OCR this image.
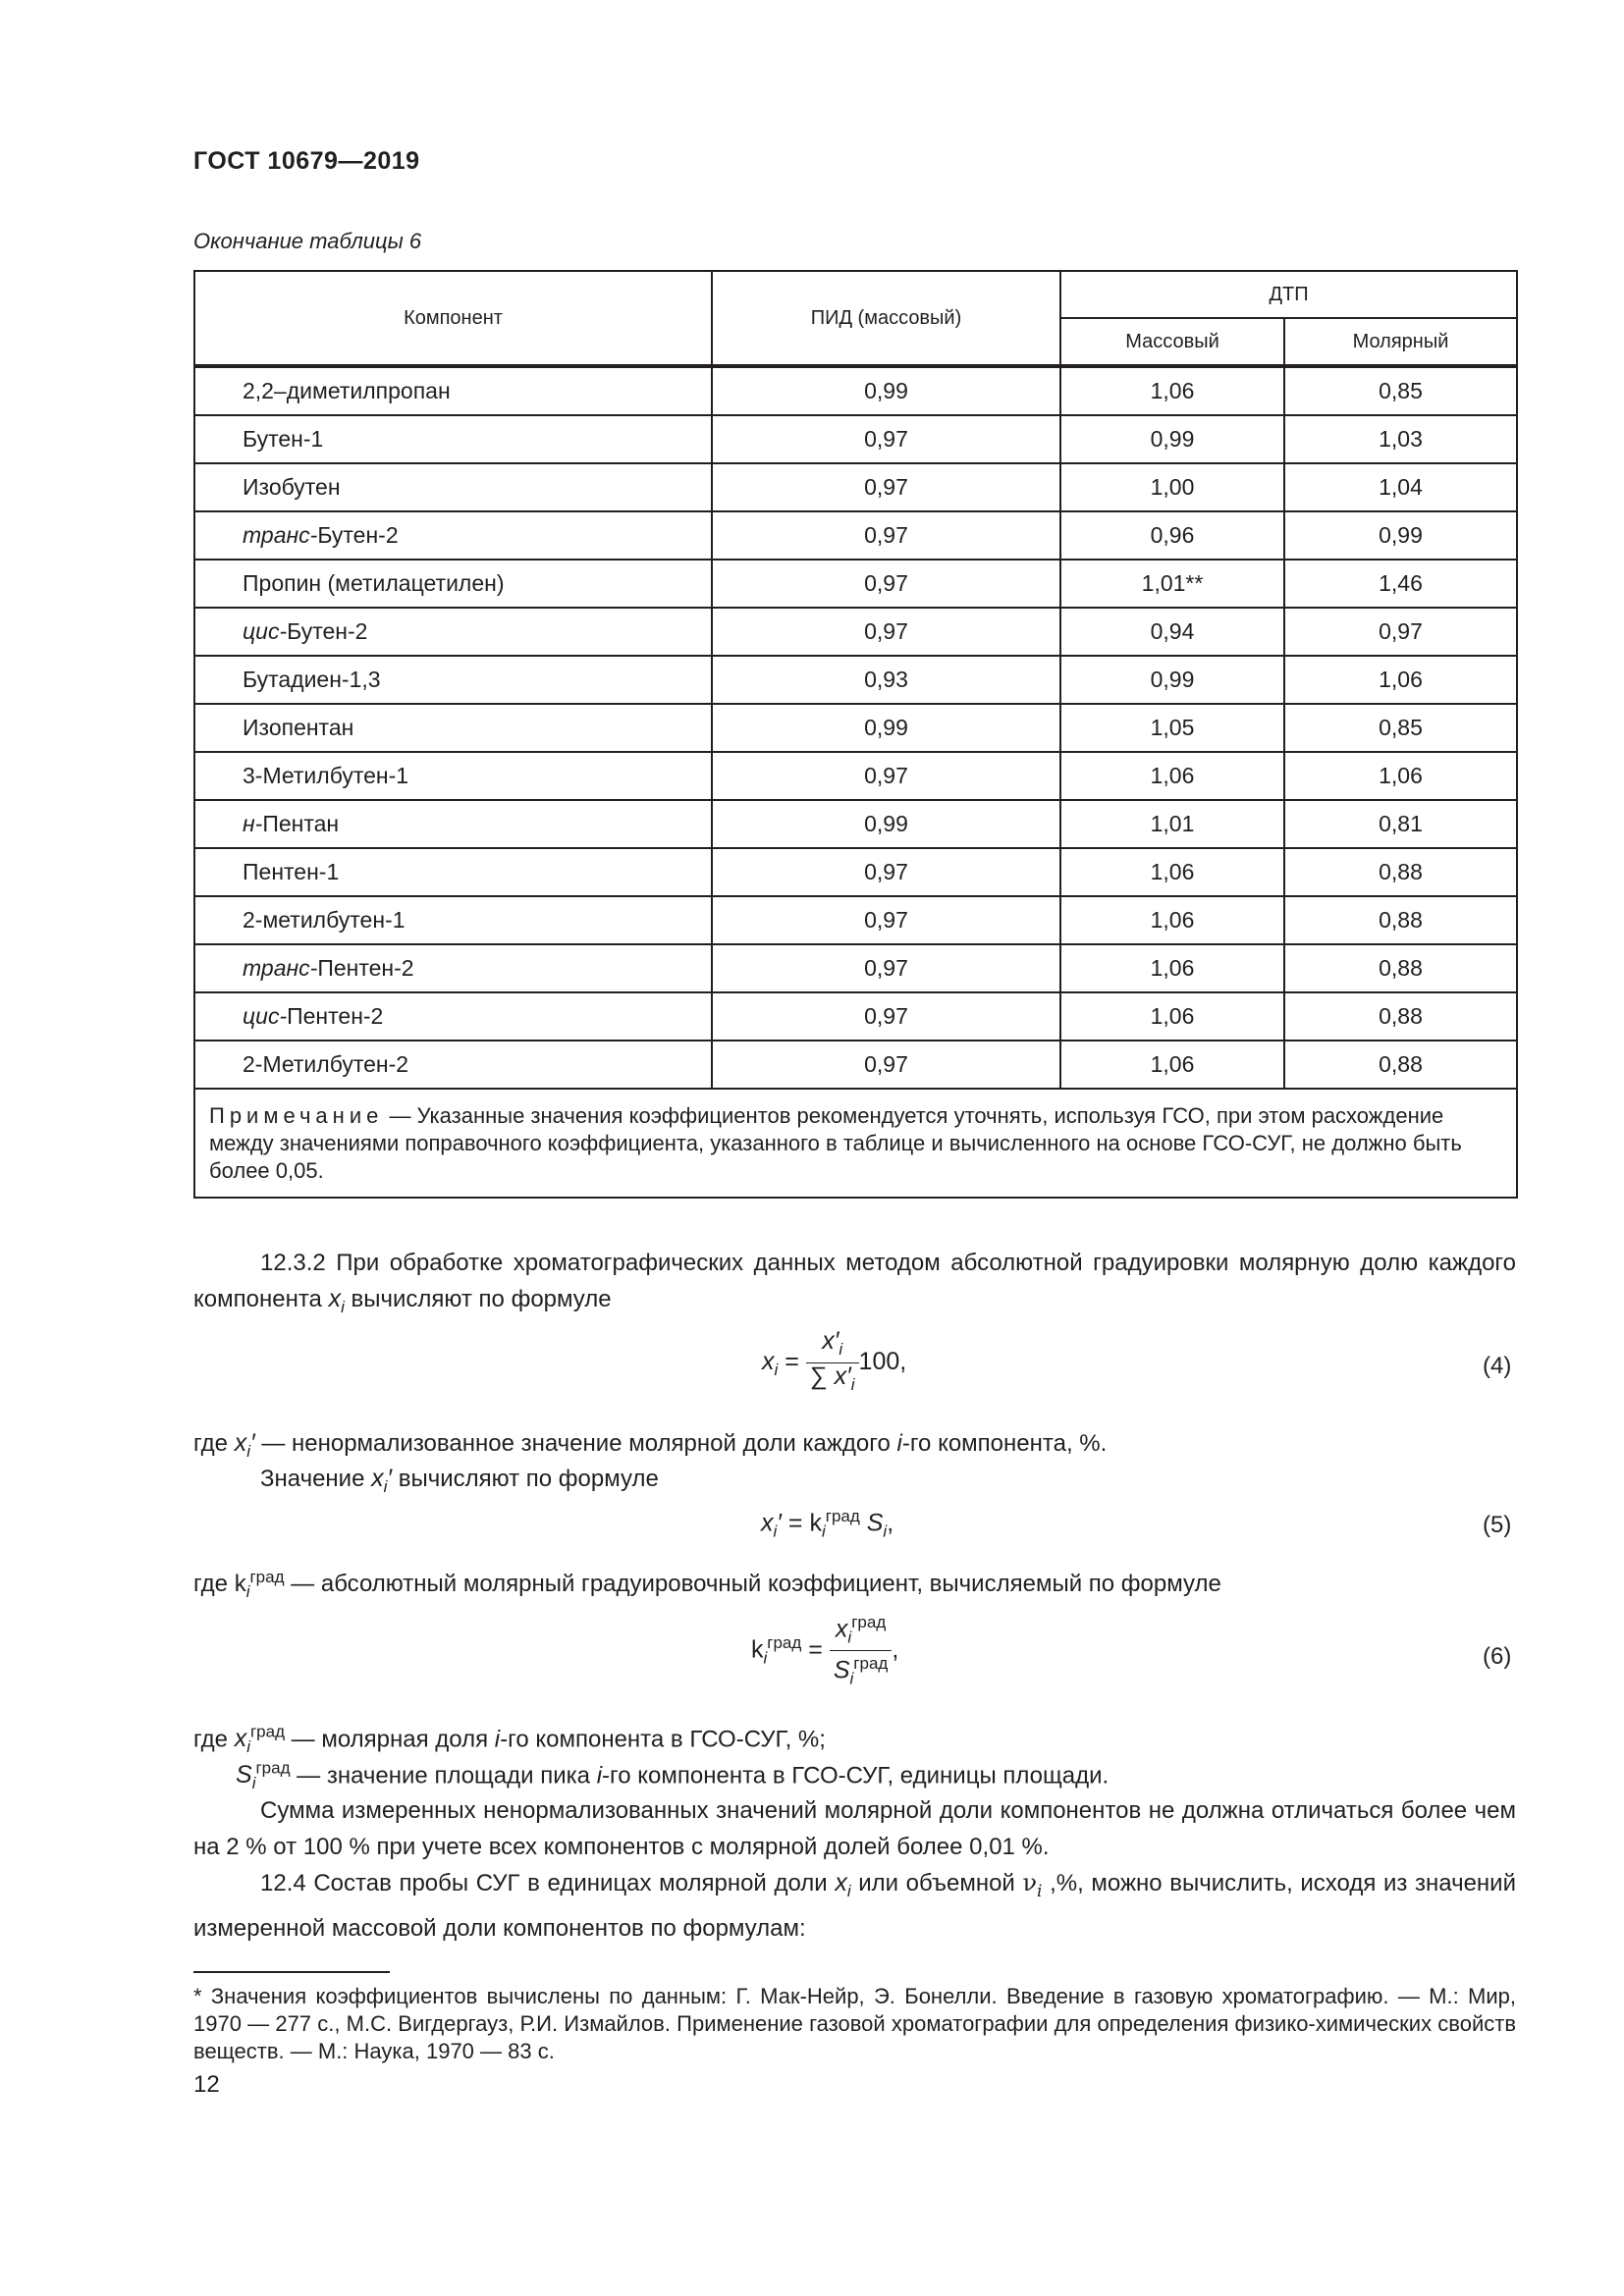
ГОСТ 10679—2019
Окончание таблицы 6
Компонент	ПИД (массовый)	ДТП	
		Массовый	Молярный
2,2–диметилпропан	0,99	1,06	0,85
Бутен-1	0,97	0,99	1,03
Изобутен	0,97	1,00	1,04
транс-Бутен-2	0,97	0,96	0,99
Пропин (метилацетилен)	0,97	1,01**	1,46
цис-Бутен-2	0,97	0,94	0,97
Бутадиен-1,3	0,93	0,99	1,06
Изопентан	0,99	1,05	0,85
3-Метилбутен-1	0,97	1,06	1,06
н-Пентан	0,99	1,01	0,81
Пентен-1	0,97	1,06	0,88
2-метилбутен-1	0,97	1,06	0,88
транс-Пентен-2	0,97	1,06	0,88
цис-Пентен-2	0,97	1,06	0,88
2-Метилбутен-2	0,97	1,06	0,88
Примечание — Указанные значения коэффициентов рекомендуется уточнять, используя ГСО, при этом расхождение между значениями поправочного коэффициента, указанного в таблице и вычисленного на основе ГСО-СУГ, не должно быть более 0,05.			
12.3.2 При обработке хроматографических данных методом абсолютной градуировки молярную долю каждого компонента $x_i$ вычисляют по формуле
$x_i = \frac{x'_i}{\sum x'_i} 100$,	(4)
где $x_i'$ — ненормализованное значение молярной доли каждого i-го компонента, %.
Значение $x_i'$ вычисляют по формуле
$x_i' = k_i^{град}$ $S_i$,	(5)
где $k_i^{град}$ — абсолютный молярный градуировочный коэффициент, вычисляемый по формуле
$k_i^{град} = \frac{x_i^{град}}{S_i^{град}}$ ,	(6)
где $x_i^{град}$ — молярная доля i-го компонента в ГСО-СУГ, %;
$S_i^{град}$ — значение площади пика i-го компонента в ГСО-СУГ, единицы площади.
Сумма измеренных ненормализованных значений молярной доли компонентов не должна отличаться более чем на 2 % от 100 % при учете всех компонентов с молярной долей более 0,01 %.
12.4 Состав пробы СУГ в единицах молярной доли $x_i$ или объемной $\nu_i$ ,%, можно вычислить, исходя из значений измеренной массовой доли компонентов по формулам:
* Значения коэффициентов вычислены по данным: Г. Мак-Нейр, Э. Бонелли. Введение в газовую хроматографию. — М.: Мир, 1970 — 277 с., М.С. Вигдергауз, Р.И. Измайлов. Применение газовой хроматографии для определения физико-химических свойств веществ. — М.: Наука, 1970 — 83 с.
12
